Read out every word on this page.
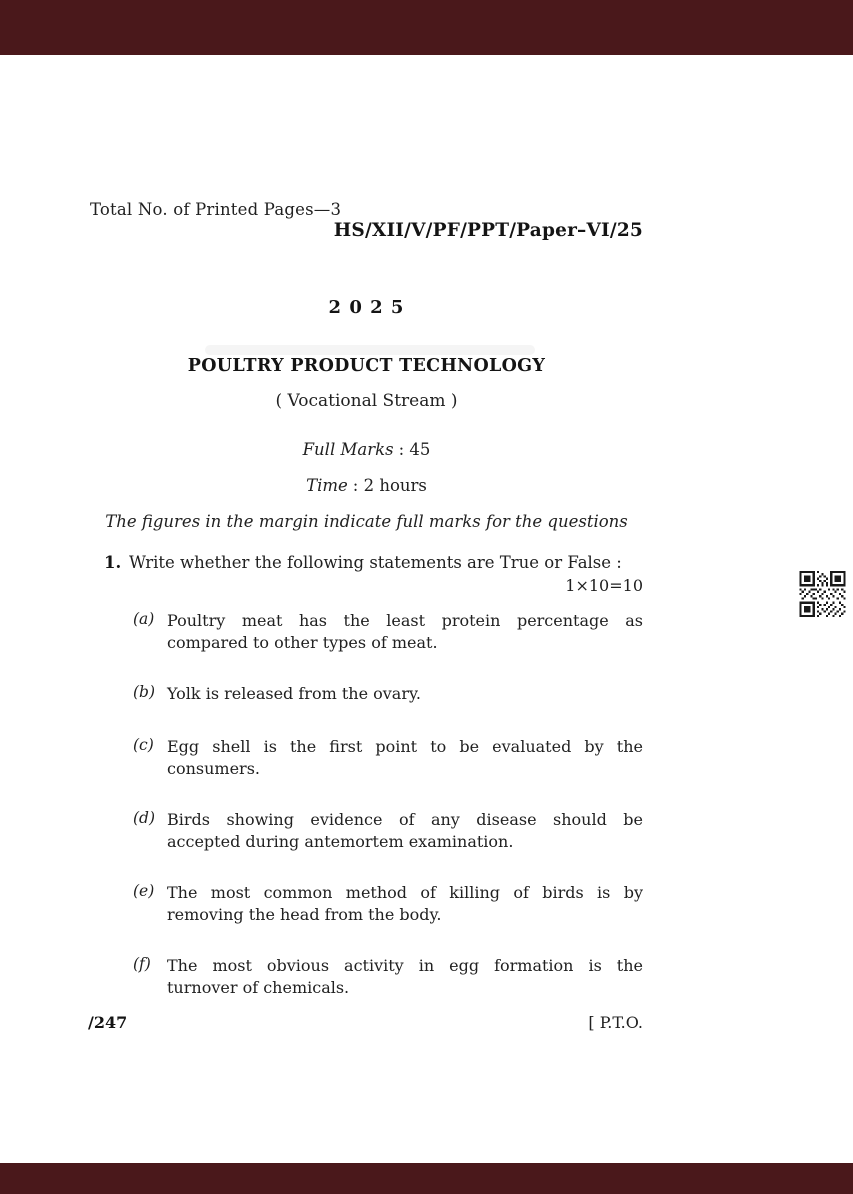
Total No. of Printed Pages—3
HS/XII/V/PF/PPT/Paper–VI/25
2 0 2 5
POULTRY PRODUCT TECHNOLOGY
( Vocational Stream )
Full Marks : 45
Time : 2 hours
The figures in the margin indicate full marks for the questions
1. Write whether the following statements are True or False :
1×10=10
(a) Poultry meat has the least protein percentage as
compared to other types of meat.
(b) Yolk is released from the ovary.
(c) Egg shell is the first point to be evaluated by the
consumers.
(d) Birds showing evidence of any disease should be
accepted during antemortem examination.
(e) The most common method of killing of birds is by
removing the head from the body.
(f) The most obvious activity in egg formation is the
turnover of chemicals.
/247	[ P.T.O.
